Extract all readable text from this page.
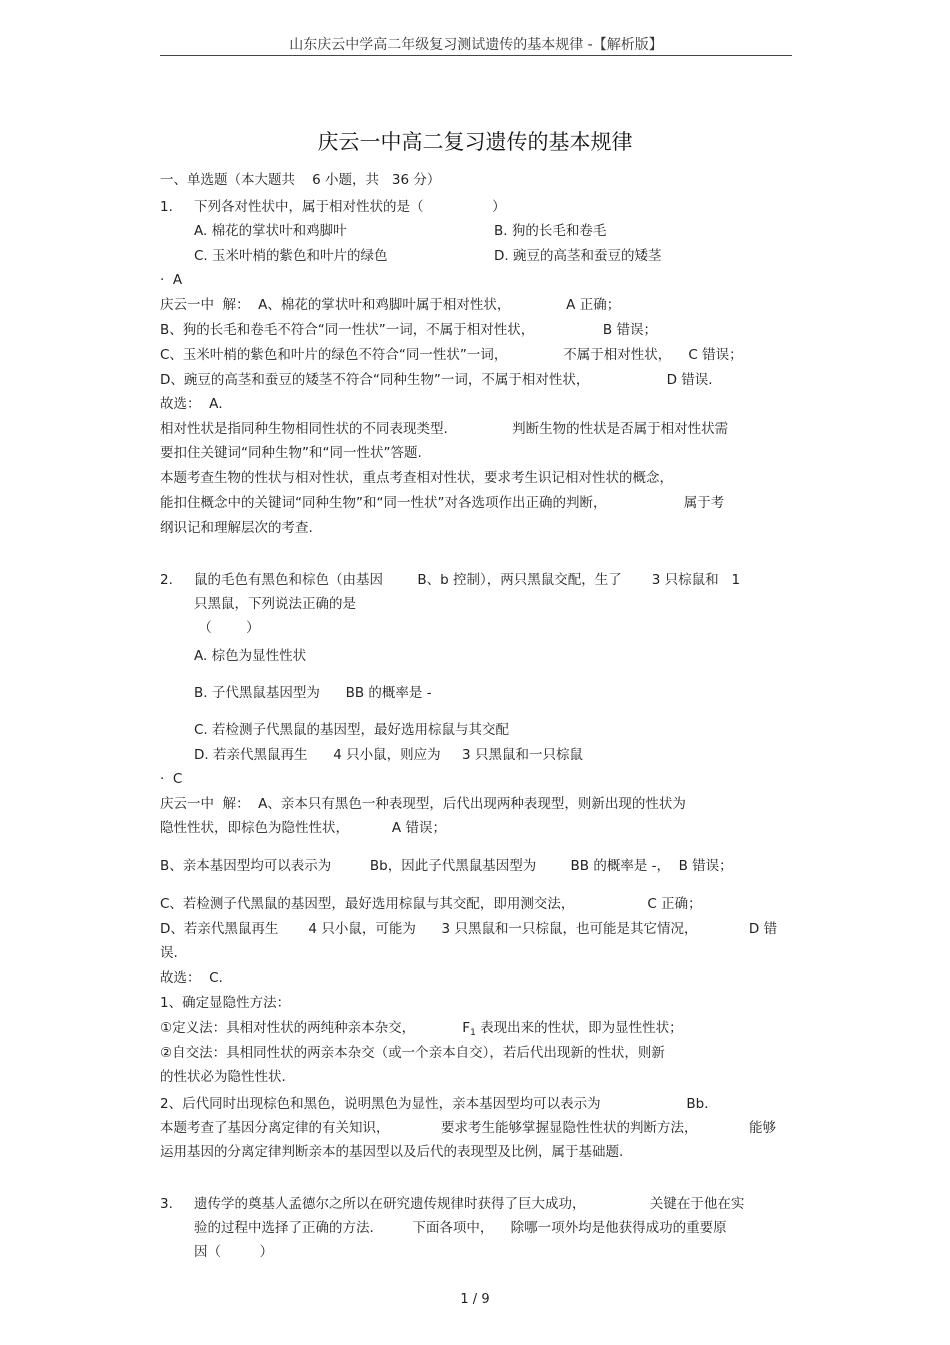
山东庆云中学高二年级复习测试遗传的基本规律 -【解析版】
庆云一中高二复习遗传的基本规律
一、单选题（本大题共    6 小题，共   36 分）
1. 下列各对性状中，属于相对性状的是（                ）
A. 棉花的掌状叶和鸡脚叶	B. 狗的长毛和卷毛
C. 玉米叶梢的紫色和叶片的绿色	D. 豌豆的高茎和蚕豆的矮茎
·  A
庆云一中  解：  A、棉花的掌状叶和鸡脚叶属于相对性状，             A 正确；
B、狗的长毛和卷毛不符合“同一性状”一词，不属于相对性状，                B 错误；
C、玉米叶梢的紫色和叶片的绿色不符合“同一性状”一词，             不属于相对性状，    C 错误；
D、豌豆的高茎和蚕豆的矮茎不符合“同种生物”一词，不属于相对性状，                  D 错误.
故选：  A．
相对性状是指同种生物相同性状的不同表现类型.               判断生物的性状是否属于相对性状需
要扣住关键词“同种生物”和“同一性状”答题.
本题考查生物的性状与相对性状，重点考查相对性状，要求考生识记相对性状的概念，
能扣住概念中的关键词“同种生物”和“同一性状”对各选项作出正确的判断，                  属于考
纲识记和理解层次的考查.
2. 鼠的毛色有黑色和棕色（由基因        B、b 控制），两只黑鼠交配，生了       3 只棕鼠和   1
只黑鼠，下列说法正确的是
（        ）
A. 棕色为显性性状
B. 子代黑鼠基因型为      BB 的概率是 -
C. 若检测子代黑鼠的基因型，最好选用棕鼠与其交配
D. 若亲代黑鼠再生      4 只小鼠，则应为     3 只黑鼠和一只棕鼠
·  C
庆云一中  解：  A、亲本只有黑色一种表现型，后代出现两种表现型，则新出现的性状为
隐性性状，即棕色为隐性性状，          A 错误；
B、亲本基因型均可以表示为         Bb，因此子代黑鼠基因型为        BB 的概率是 -，  B 错误；
C、若检测子代黑鼠的基因型，最好选用棕鼠与其交配，即用测交法，                 C 正确；
D、若亲代黑鼠再生       4 只小鼠，可能为      3 只黑鼠和一只棕鼠，也可能是其它情况，            D 错
误.
故选：  C.
1、确定显隐性方法：
①定义法：具相对性状的两纯种亲本杂交，           $F_1$ 表现出来的性状，即为显性性状；
②自交法：具相同性状的两亲本杂交（或一个亲本自交），若后代出现新的性状，则新
的性状必为隐性性状.
2、后代同时出现棕色和黑色，说明黑色为显性，亲本基因型均可以表示为                    Bb．
本题考查了基因分离定律的有关知识，            要求考生能够掌握显隐性性状的判断方法，            能够
运用基因的分离定律判断亲本的基因型以及后代的表现型及比例，属于基础题.
3. 遗传学的奠基人孟德尔之所以在研究遗传规律时获得了巨大成功，               关键在于他在实
验的过程中选择了正确的方法.         下面各项中，    除哪一项外均是他获得成功的重要原
因（         ）
1 / 9
